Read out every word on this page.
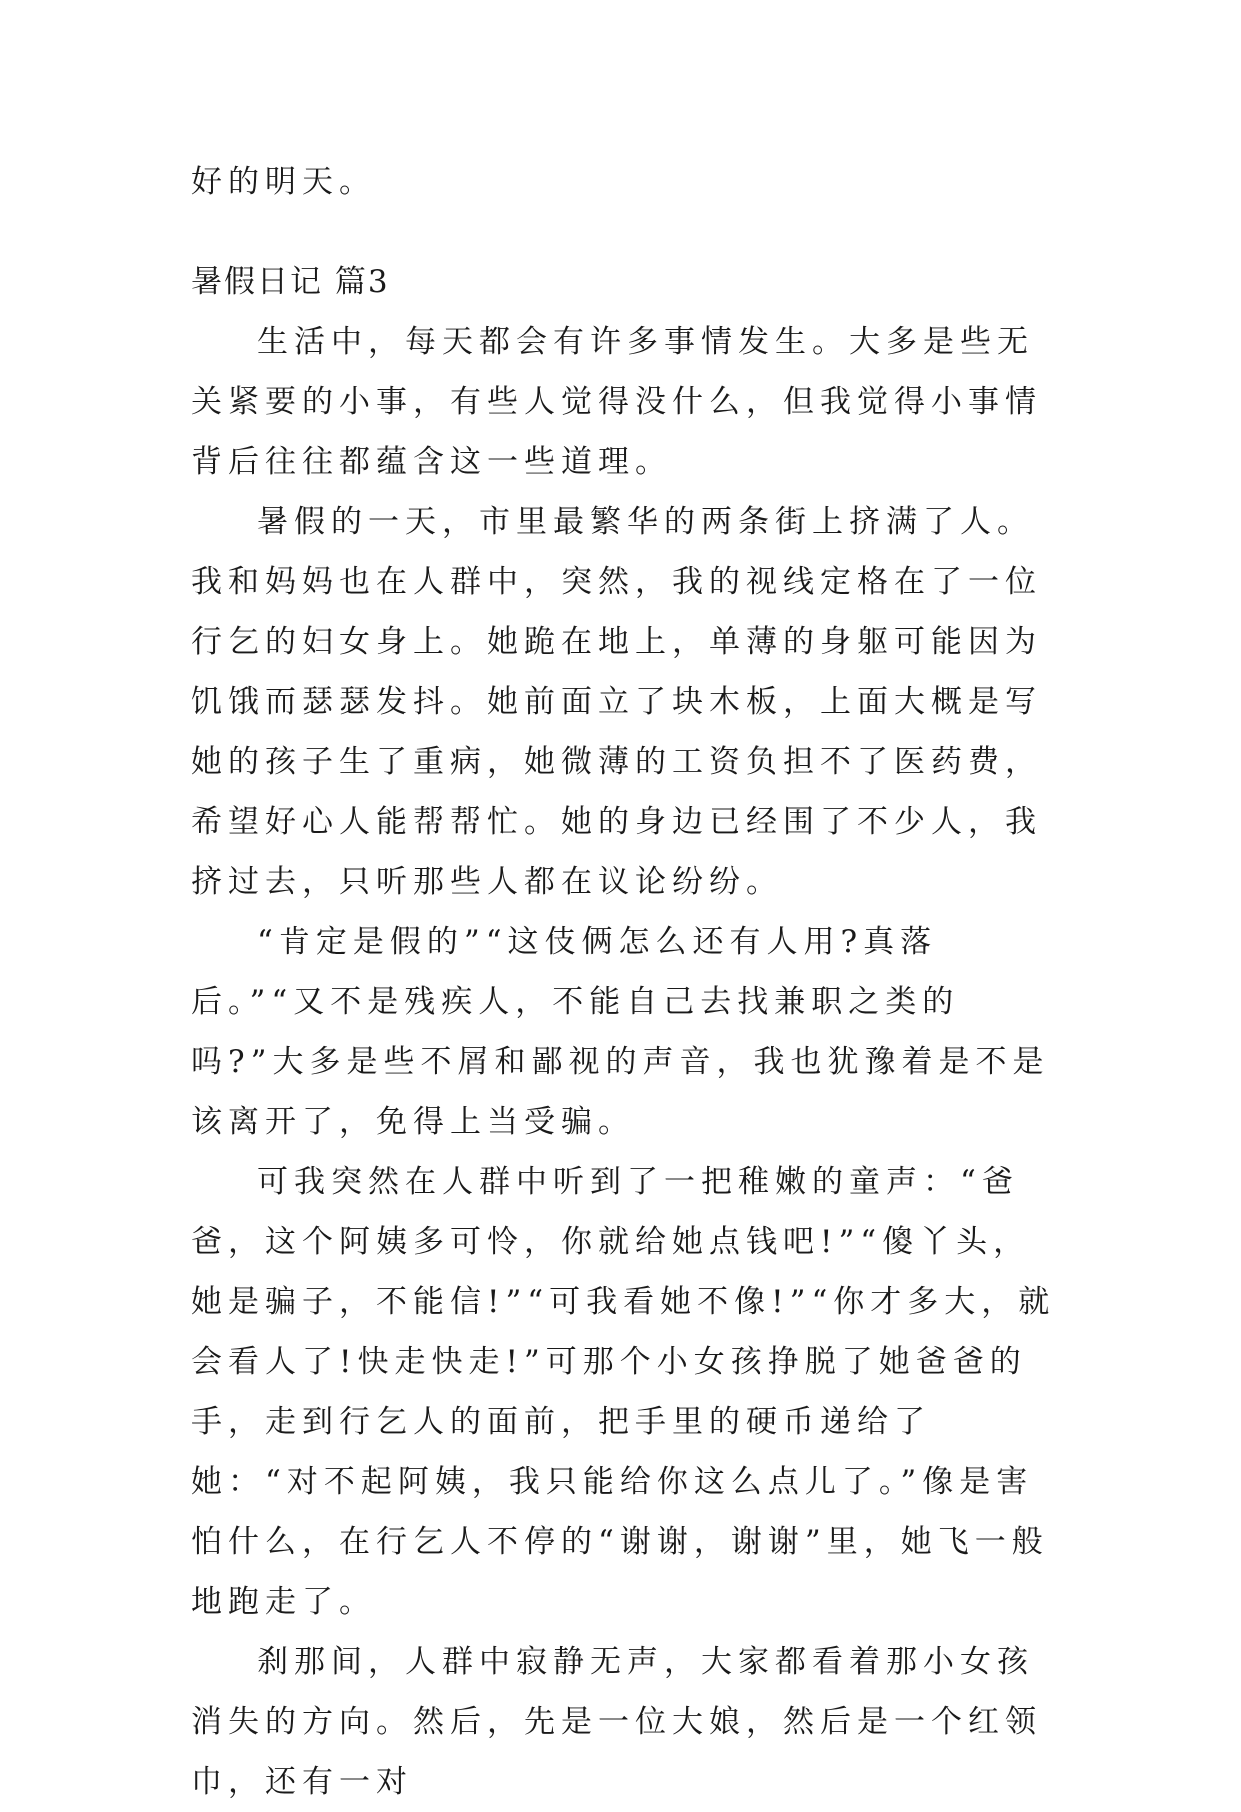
好的明天。

暑假日记 篇3

生活中，每天都会有许多事情发生。大多是些无关紧要的小事，有些人觉得没什么，但我觉得小事情背后往往都蕴含这一些道理。

暑假的一天，市里最繁华的两条街上挤满了人。我和妈妈也在人群中，突然，我的视线定格在了一位行乞的妇女身上。她跪在地上，单薄的身躯可能因为饥饿而瑟瑟发抖。她前面立了块木板，上面大概是写她的孩子生了重病，她微薄的工资负担不了医药费，希望好心人能帮帮忙。她的身边已经围了不少人，我挤过去，只听那些人都在议论纷纷。

“肯定是假的”“这伎俩怎么还有人用?真落后。”“又不是残疾人，不能自己去找兼职之类的吗?”大多是些不屑和鄙视的声音，我也犹豫着是不是该离开了，免得上当受骗。

可我突然在人群中听到了一把稚嫩的童声：“爸爸，这个阿姨多可怜，你就给她点钱吧!”“傻丫头，她是骗子，不能信!”“可我看她不像!”“你才多大，就会看人了!快走快走!”可那个小女孩挣脱了她爸爸的手，走到行乞人的面前，把手里的硬币递给了她：“对不起阿姨，我只能给你这么点儿了。”像是害怕什么，在行乞人不停的“谢谢，谢谢”里，她飞一般地跑走了。

刹那间，人群中寂静无声，大家都看着那小女孩消失的方向。然后，先是一位大娘，然后是一个红领巾，还有一对
